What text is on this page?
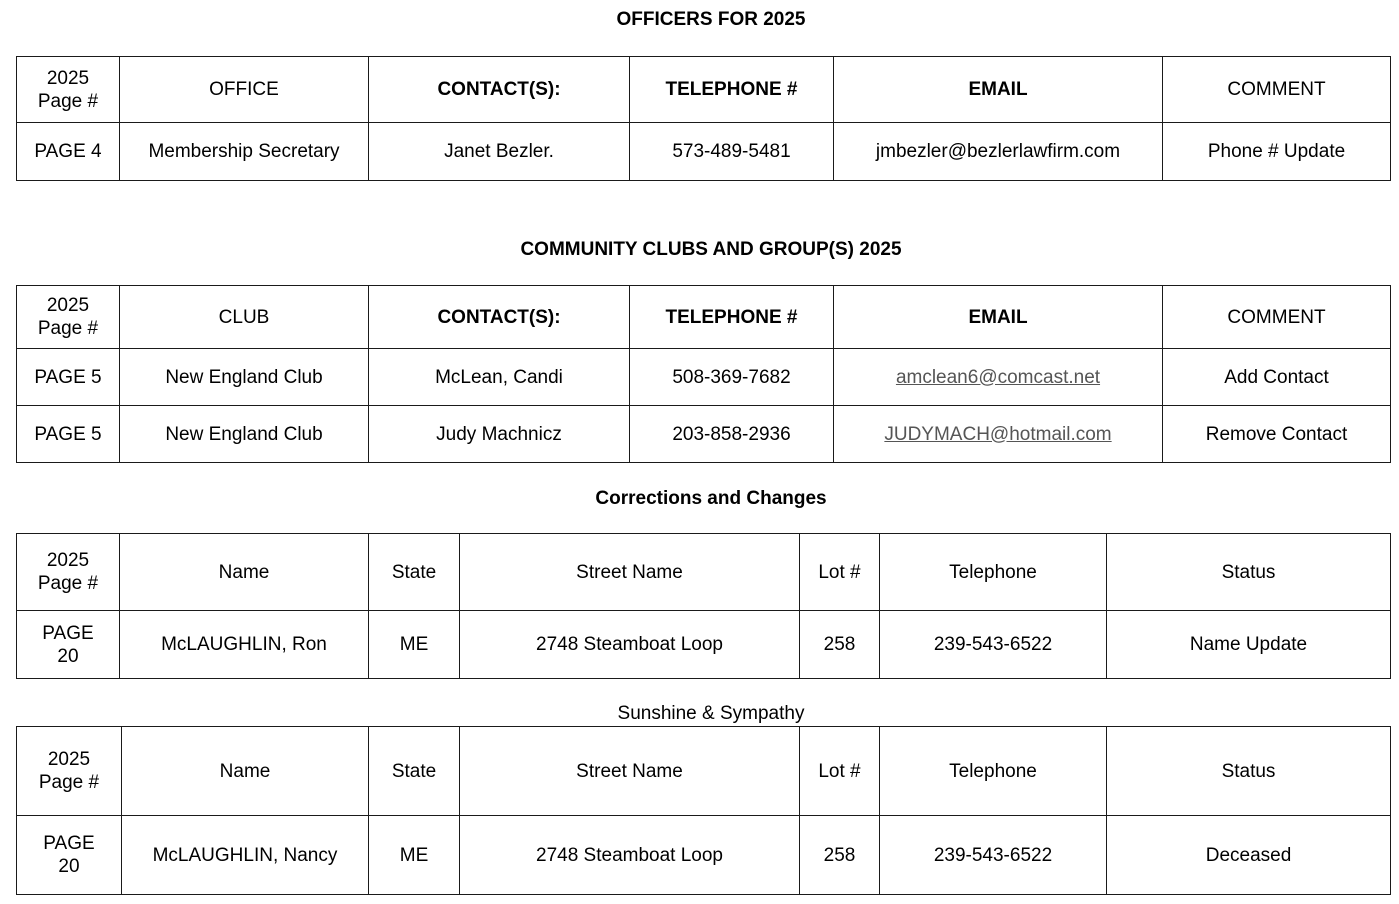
OFFICERS FOR 2025
2025
Page #	OFFICE	CONTACT(S):	TELEPHONE #	EMAIL	COMMENT
PAGE 4	Membership Secretary	Janet Bezler.	573-489-5481	jmbezler@bezlerlawfirm.com	Phone # Update
COMMUNITY CLUBS AND GROUP(S) 2025
2025
Page #	CLUB	CONTACT(S):	TELEPHONE #	EMAIL	COMMENT
PAGE 5	New England Club	McLean, Candi	508-369-7682	amclean6@comcast.net	Add Contact
PAGE 5	New England Club	Judy Machnicz	203-858-2936	JUDYMACH@hotmail.com	Remove Contact
Corrections and Changes
2025
Page #	Name	State	Street Name	Lot #	Telephone	Status
PAGE
20	McLAUGHLIN, Ron	ME	2748 Steamboat Loop	258	239-543-6522	Name Update
Sunshine & Sympathy
2025
Page #	Name	State	Street Name	Lot #	Telephone	Status
PAGE
20	McLAUGHLIN, Nancy	ME	2748 Steamboat Loop	258	239-543-6522	Deceased
